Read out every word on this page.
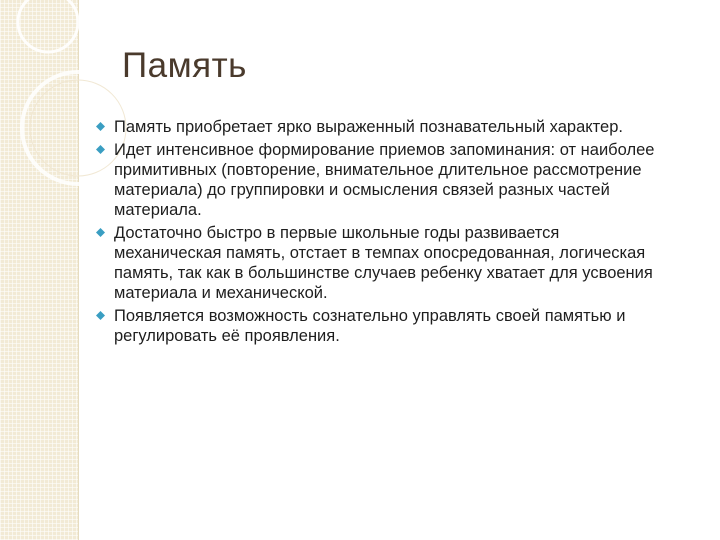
Память
Память приобретает ярко выраженный познавательный характер.
Идет интенсивное формирование приемов запоминания: от наиболее примитивных (повторение, внимательное длительное рассмотрение материала) до группировки и осмысления связей разных частей материала.
Достаточно быстро в первые школьные годы развивается механическая память, отстает в темпах опосредованная, логическая память, так как в большинстве случаев ребенку хватает для усвоения материала и механической.
Появляется возможность сознательно управлять своей памятью и регулировать её проявления.
